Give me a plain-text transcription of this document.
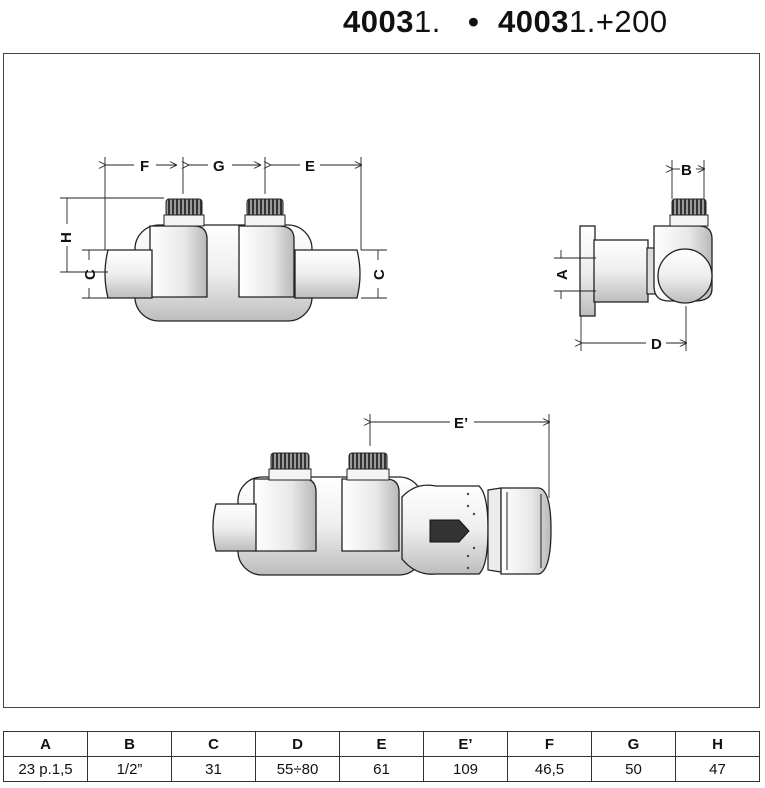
40031. • 40031.+200
F	G	E
H
C	C
B
A
D
E’
A	B	C	D	E	E’	F	G	H
23 p.1,5	1/2”	31	55÷80	61	109	46,5	50	47
